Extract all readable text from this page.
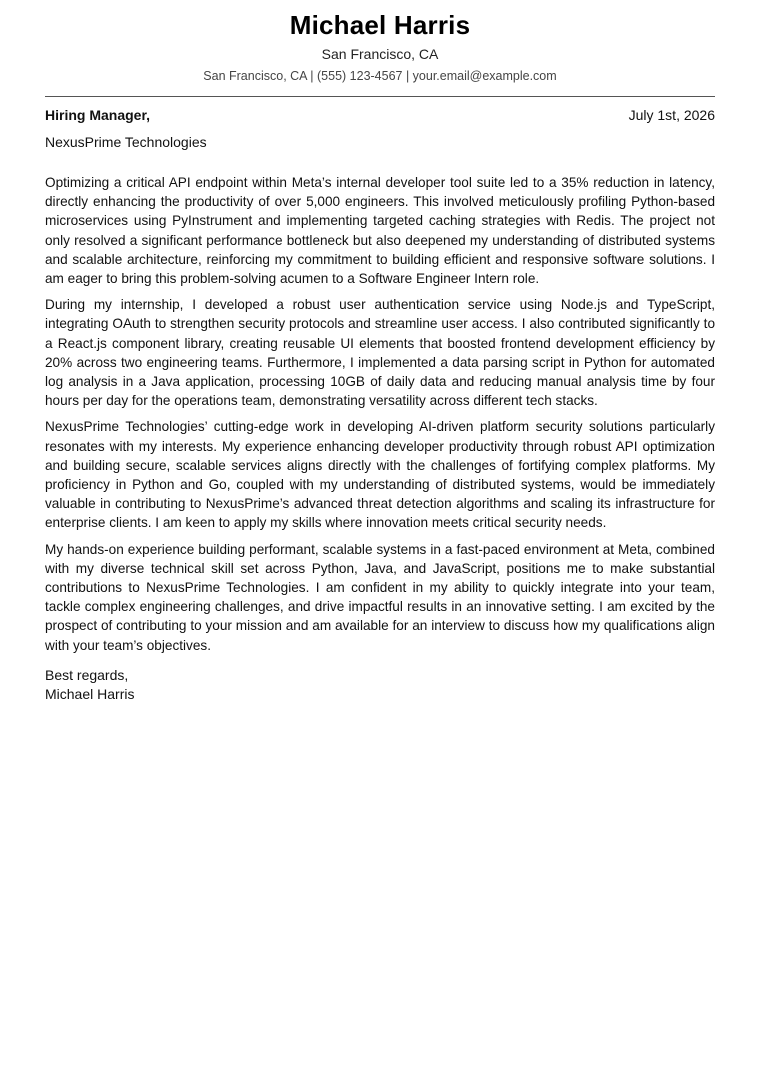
Michael Harris
San Francisco, CA
San Francisco, CA | (555) 123-4567 | your.email@example.com
Hiring Manager,	July 1st, 2026
NexusPrime Technologies

Optimizing a critical API endpoint within Meta’s internal developer tool suite led to a 35% reduction in latency, directly enhancing the productivity of over 5,000 engineers. This involved meticulously profiling Python-based microservices using PyInstrument and implementing targeted caching strategies with Redis. The project not only resolved a significant performance bottleneck but also deepened my understanding of distributed systems and scalable architecture, reinforcing my commitment to building efficient and responsive software solutions. I am eager to bring this problem-solving acumen to a Software Engineer Intern role.

During my internship, I developed a robust user authentication service using Node.js and TypeScript, integrating OAuth to strengthen security protocols and streamline user access. I also contributed significantly to a React.js component library, creating reusable UI elements that boosted frontend development efficiency by 20% across two engineering teams. Furthermore, I implemented a data parsing script in Python for automated log analysis in a Java application, processing 10GB of daily data and reducing manual analysis time by four hours per day for the operations team, demonstrating versatility across different tech stacks.

NexusPrime Technologies’ cutting-edge work in developing AI-driven platform security solutions particularly resonates with my interests. My experience enhancing developer productivity through robust API optimization and building secure, scalable services aligns directly with the challenges of fortifying complex platforms. My proficiency in Python and Go, coupled with my understanding of distributed systems, would be immediately valuable in contributing to NexusPrime’s advanced threat detection algorithms and scaling its infrastructure for enterprise clients. I am keen to apply my skills where innovation meets critical security needs.

My hands-on experience building performant, scalable systems in a fast-paced environment at Meta, combined with my diverse technical skill set across Python, Java, and JavaScript, positions me to make substantial contributions to NexusPrime Technologies. I am confident in my ability to quickly integrate into your team, tackle complex engineering challenges, and drive impactful results in an innovative setting. I am excited by the prospect of contributing to your mission and am available for an interview to discuss how my qualifications align with your team’s objectives.

Best regards,
Michael Harris
